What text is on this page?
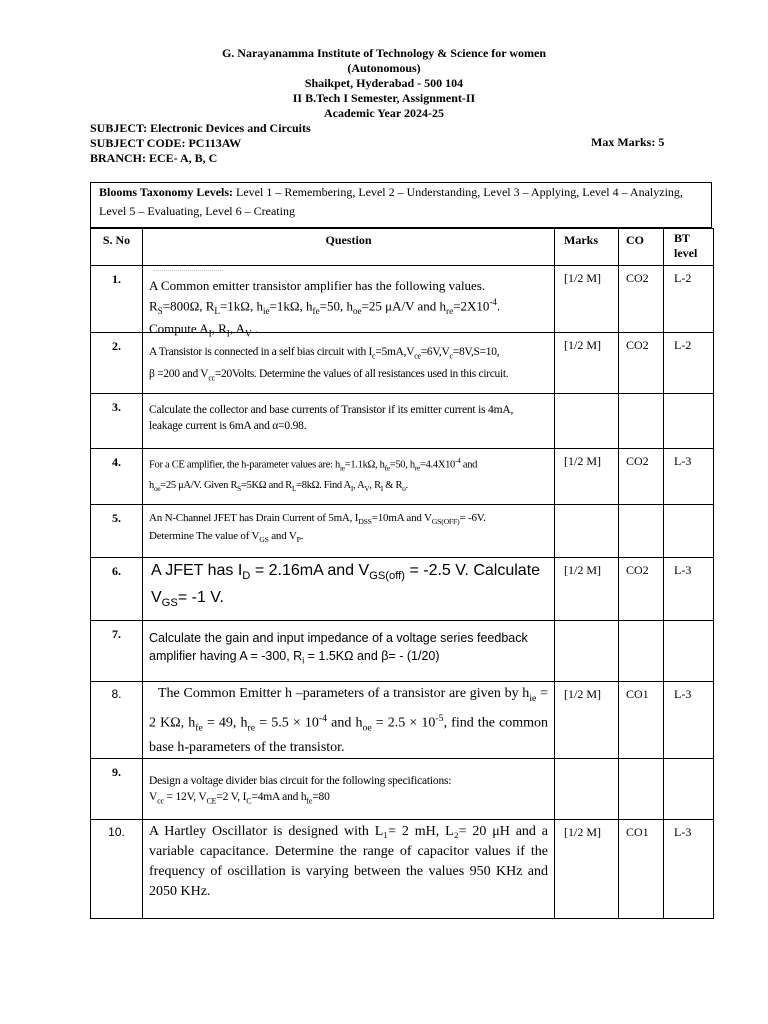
G. Narayanamma Institute of Technology & Science for women
(Autonomous)
Shaikpet, Hyderabad - 500 104
II B.Tech I Semester, Assignment-II
Academic Year 2024-25
SUBJECT: Electronic Devices and Circuits
SUBJECT CODE: PC113AW
BRANCH: ECE- A, B, C
Max Marks: 5
Blooms Taxonomy Levels: Level 1 – Remembering, Level 2 – Understanding, Level 3 – Applying, Level 4 – Analyzing, Level 5 – Evaluating, Level 6 – Creating
S. No	Question	Marks	CO	BT level
1.	A Common emitter transistor amplifier has the following values.
$R_S=800\Omega$, $R_L=1k\Omega$, $h_{ie}=1k\Omega$, $h_{fe}=50$, $h_{oe}=25$ μA/V and $h_{re}=2X10^{-4}$.
Compute $A_I$, $R_I$, $A_V$ .	[1/2 M]	CO2	L-2
2.	A Transistor is connected in a self bias circuit with $I_c=5mA,V_{ce}=6V,V_c=8V,S=10$,
β =200 and $V_{cc}=20Volts$. Determine the values of all resistances used in this circuit.	[1/2 M]	CO2	L-2
3.	Calculate the collector and base currents of Transistor if its emitter current is 4mA,
leakage current is 6mA and α=0.98.			

4.	For a CE amplifier, the h-parameter values are: $h_{ie}=1.1k\Omega$, $h_{fe}=50$, $h_{re}=4.4X10^{-4}$ and
$h_{oe}=25$ μA/V. Given $R_S=5K\Omega$ and $R_L=8k\Omega$. Find $A_I$, $A_V$, $R_I$ & $R_o$.	[1/2 M]	CO2	L-3
5.	An N-Channel JFET has Drain Current of 5mA, $I_{DSS}=10mA$ and $V_{GS(OFF)}= -6V$.
Determine The value of $V_{GS}$ and $V_P$.			

6.	A JFET has $I_D = 2.16mA$ and $V_{GS(off)} = -2.5$ V. Calculate
$V_{GS}= -1$ V.	[1/2 M]	CO2	L-3
7.	Calculate the gain and input impedance of a voltage series feedback
amplifier having A = -300, $R_i = 1.5K\Omega$ and β= - (1/20)			

8.	The Common Emitter h –parameters of a transistor are given by $h_{ie} = 2$ KΩ, $h_{fe} = 49$, $h_{re} = 5.5 \times 10^{-4}$ and $h_{oe} = 2.5 \times 10^{-5}$, find the common base h-parameters of the transistor.	[1/2 M]	CO1	L-3
9.	Design a voltage divider bias circuit for the following specifications:
$V_{cc} = 12V$, $V_{CE}=2$ V, $I_C=4mA$ and $h_{fe}=80$			

10.	A Hartley Oscillator is designed with L₁= 2 mH, L₂= 20 μH and a variable capacitance. Determine the range of capacitor values if the frequency of oscillation is varying between the values 950 KHz and 2050 KHz.	[1/2 M]	CO1	L-3
